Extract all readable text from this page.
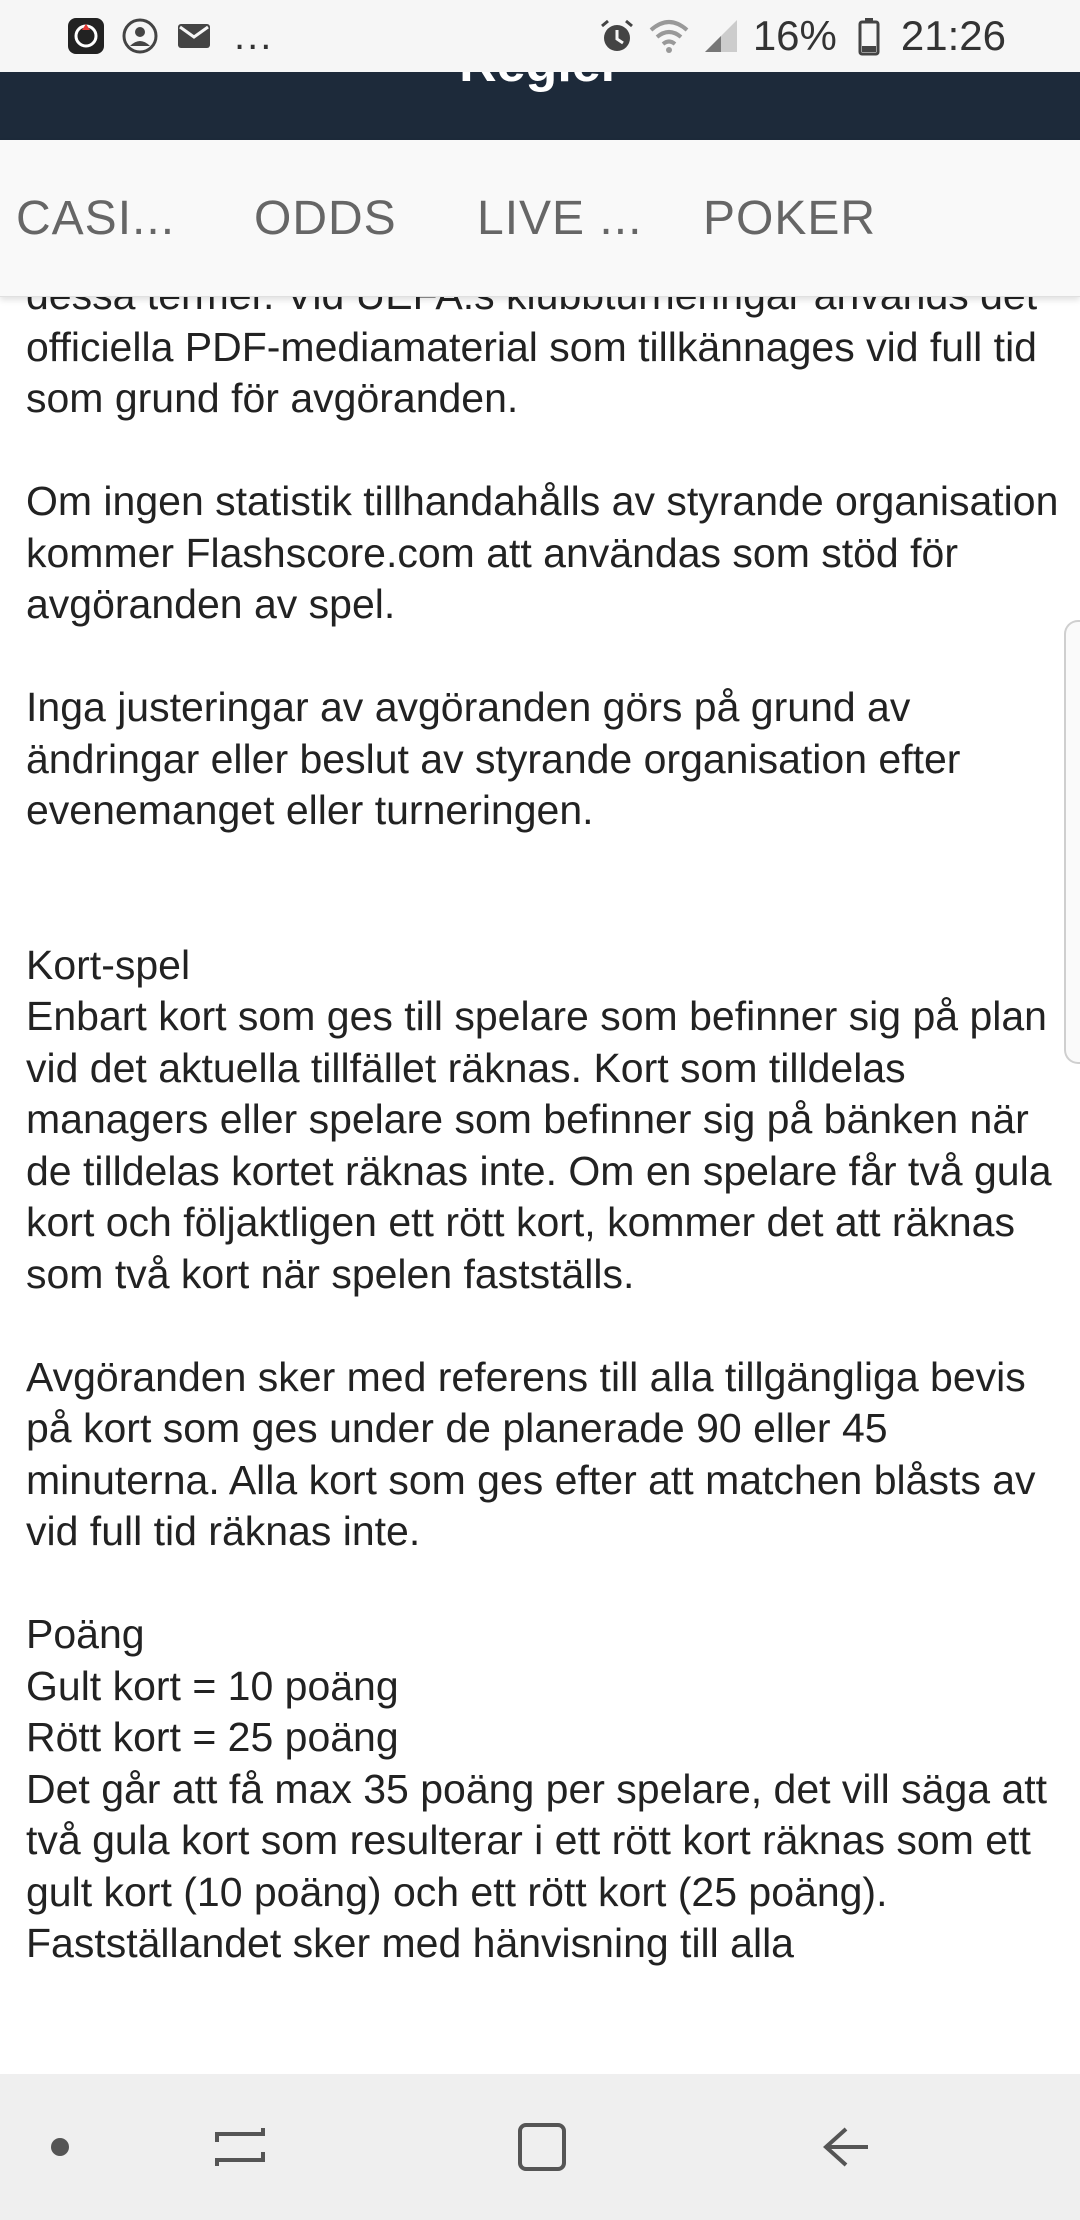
...	16% 21:26
CASI... ODDS LIVE ... POKER

officiella PDF-mediamaterial som tillkännages vid full tid som grund för avgöranden.

Om ingen statistik tillhandahålls av styrande organisation kommer Flashscore.com att användas som stöd för avgöranden av spel.

Inga justeringar av avgöranden görs på grund av ändringar eller beslut av styrande organisation efter evenemanget eller turneringen.

Kort-spel

Enbart kort som ges till spelare som befinner sig på plan vid det aktuella tillfället räknas. Kort som tilldelas managers eller spelare som befinner sig på bänken när de tilldelas kortet räknas inte. Om en spelare får två gula kort och följaktligen ett rött kort, kommer det att räknas som två kort när spelen fastställs.

Avgöranden sker med referens till alla tillgängliga bevis på kort som ges under de planerade 90 eller 45 minuterna. Alla kort som ges efter att matchen blåsts av vid full tid räknas inte.

Poäng

Gult kort = 10 poäng

Rött kort = 25 poäng

Det går att få max 35 poäng per spelare, det vill säga att två gula kort som resulterar i ett rött kort räknas som ett gult kort (10 poäng) och ett rött kort (25 poäng).

Fastställandet sker med hänvisning till alla
